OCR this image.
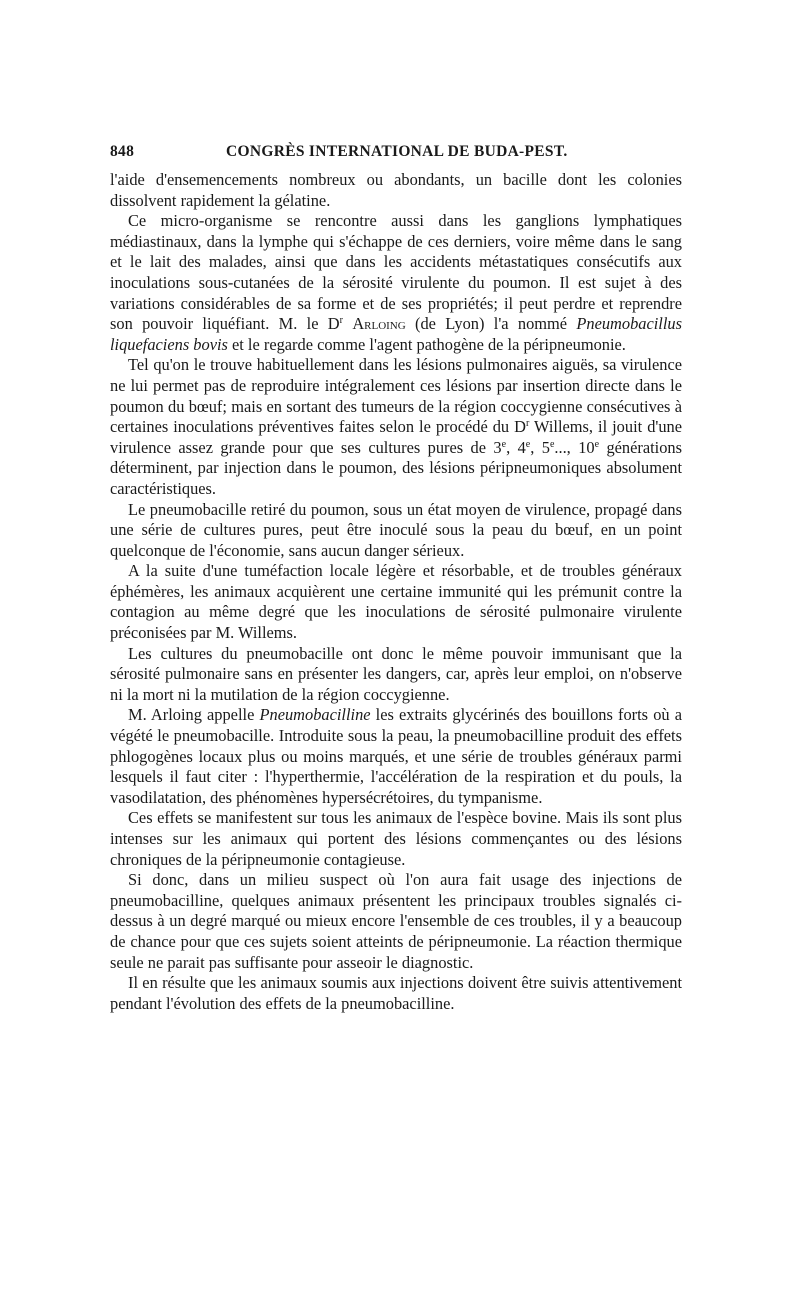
848	CONGRÈS INTERNATIONAL DE BUDA-PEST.

l'aide d'ensemencements nombreux ou abondants, un bacille dont les colonies dissolvent rapidement la gélatine.

Ce micro-organisme se rencontre aussi dans les ganglions lymphatiques médiastinaux, dans la lymphe qui s'échappe de ces derniers, voire même dans le sang et le lait des malades, ainsi que dans les accidents métastatiques consécutifs aux inoculations sous-cutanées de la sérosité virulente du poumon. Il est sujet à des variations considérables de sa forme et de ses propriétés; il peut perdre et reprendre son pouvoir liquéfiant. M. le $D^r$ Arloing (de Lyon) l'a nommé Pneumobacillus liquefaciens bovis et le regarde comme l'agent pathogène de la péripneumonie.

Tel qu'on le trouve habituellement dans les lésions pulmonaires aiguës, sa virulence ne lui permet pas de reproduire intégralement ces lésions par insertion directe dans le poumon du bœuf; mais en sortant des tumeurs de la région coccygienne consécutives à certaines inoculations préventives faites selon le procédé du $D^r$ Willems, il jouit d'une virulence assez grande pour que ses cultures pures de 3e, 4e, 5e..., 10e générations déterminent, par injection dans le poumon, des lésions péripneumoniques absolument caractéristiques.

Le pneumobacille retiré du poumon, sous un état moyen de virulence, propagé dans une série de cultures pures, peut être inoculé sous la peau du bœuf, en un point quelconque de l'économie, sans aucun danger sérieux.

A la suite d'une tuméfaction locale légère et résorbable, et de troubles généraux éphémères, les animaux acquièrent une certaine immunité qui les prémunit contre la contagion au même degré que les inoculations de sérosité pulmonaire virulente préconisées par M. Willems.

Les cultures du pneumobacille ont donc le même pouvoir immunisant que la sérosité pulmonaire sans en présenter les dangers, car, après leur emploi, on n'observe ni la mort ni la mutilation de la région coccygienne.

M. Arloing appelle Pneumobacilline les extraits glycérinés des bouillons forts où a végété le pneumobacille. Introduite sous la peau, la pneumobacilline produit des effets phlogogènes locaux plus ou moins marqués, et une série de troubles généraux parmi lesquels il faut citer : l'hyperthermie, l'accélération de la respiration et du pouls, la vasodilatation, des phénomènes hypersécrétoires, du tympanisme.

Ces effets se manifestent sur tous les animaux de l'espèce bovine. Mais ils sont plus intenses sur les animaux qui portent des lésions commençantes ou des lésions chroniques de la péripneumonie contagieuse.

Si donc, dans un milieu suspect où l'on aura fait usage des injections de pneumobacilline, quelques animaux présentent les principaux troubles signalés ci-dessus à un degré marqué ou mieux encore l'ensemble de ces troubles, il y a beaucoup de chance pour que ces sujets soient atteints de péripneumonie. La réaction thermique seule ne parait pas suffisante pour asseoir le diagnostic.

Il en résulte que les animaux soumis aux injections doivent être suivis attentivement pendant l'évolution des effets de la pneumobacilline.
